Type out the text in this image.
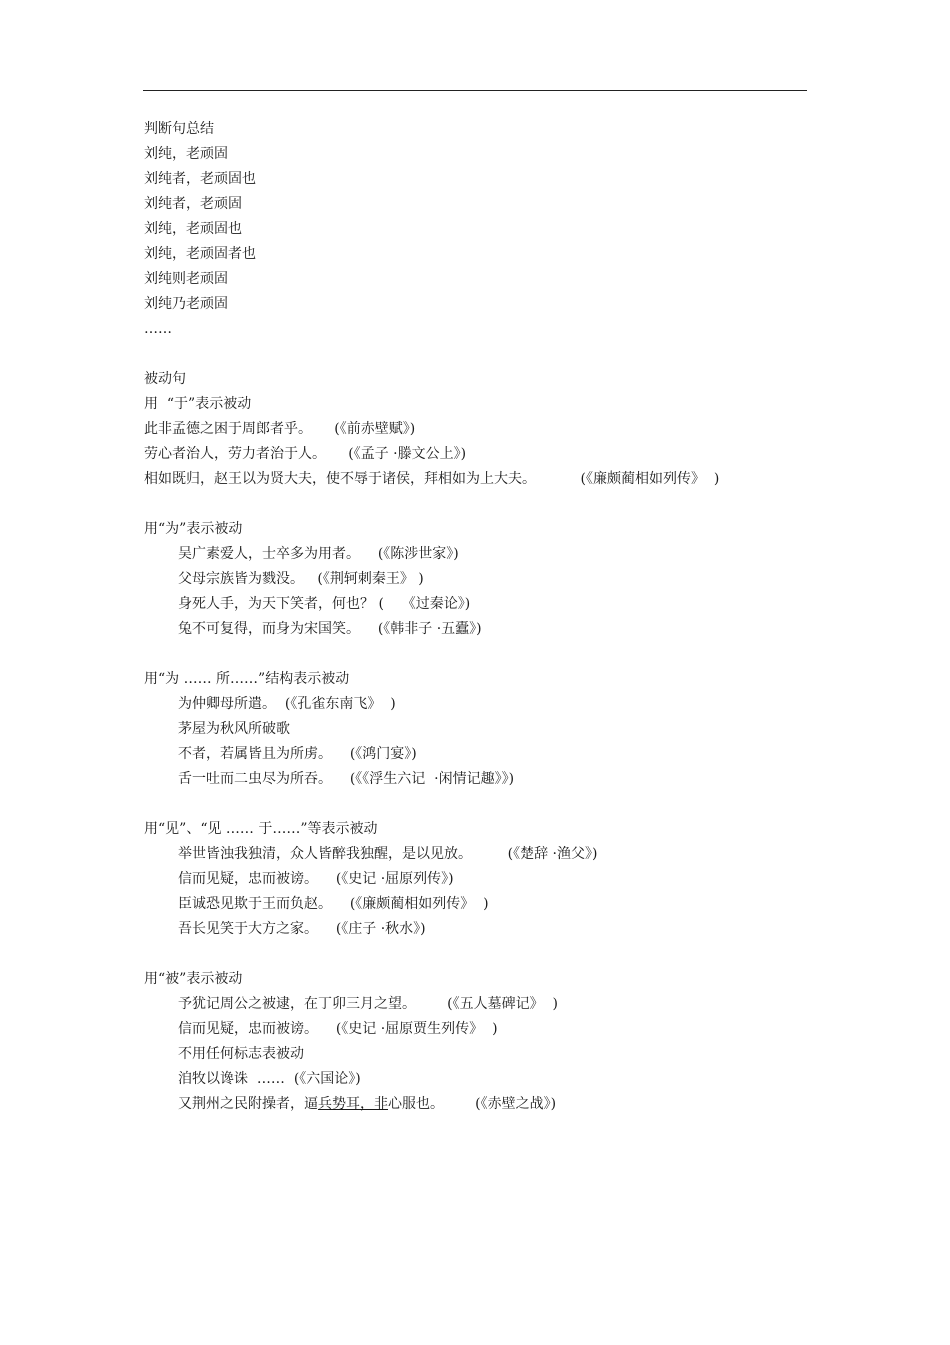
判断句总结
刘纯，老顽固
刘纯者，老顽固也
刘纯者，老顽固
刘纯，老顽固也
刘纯，老顽固者也
刘纯则老顽固
刘纯乃老顽固
……
被动句
用  “于”表示被动
此非孟德之困于周郎者乎。 (《前赤壁赋》)
劳心者治人，劳力者治于人。 (《孟子 ·滕文公上》)
相如既归，赵王以为贤大夫，使不辱于诸侯，拜相如为上大夫。	(《廉颇蔺相如列传》  )
用“为”表示被动
吴广素爱人，士卒多为用者。 (《陈涉世家》)
父母宗族皆为戮没。 (《荆轲刺秦王》 )
身死人手，为天下笑者，何也？ (    《过秦论》)
兔不可复得，而身为宋国笑。 (《韩非子 ·五蠹》)
用“为 …… 所……”结构表示被动
为仲卿母所遣。 (《孔雀东南飞》  )
茅屋为秋风所破歌
不者，若属皆且为所虏。 (《鸿门宴》)
舌一吐而二虫尽为所吞。 (《《浮生六记  ·闲情记趣》》)
用“见”、“见 …… 于……”等表示被动
举世皆浊我独清，众人皆醉我独醒，是以见放。	(《楚辞 ·渔父》)
信而见疑，忠而被谤。 (《史记 ·屈原列传》)
臣诚恐见欺于王而负赵。 (《廉颇蔺相如列传》  )
吾长见笑于大方之家。 (《庄子 ·秋水》)
用“被”表示被动
予犹记周公之被逮，在丁卯三月之望。 (《五人墓碑记》  )
信而见疑，忠而被谤。 (《史记 ·屈原贾生列传》  )
不用任何标志表被动
洎牧以谗诛  …… (《六国论》)
又荆州之民附操者，逼兵势耳，非心服也。 (《赤壁之战》)
